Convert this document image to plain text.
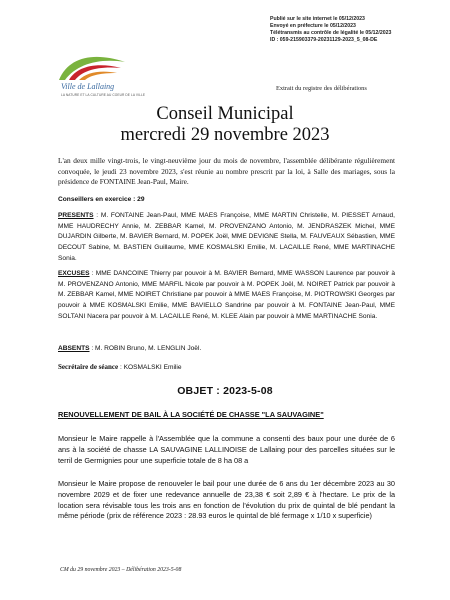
Publié sur le site internet le 05/12/2023
Envoyé en préfecture le 05/12/2023
Télétransmis au contrôle de légalité le 05/12/2023
ID : 059-215903379-20231129-2023_5_08-DE
Ville de Lallaing
LA NATURE ET LA CULTURE AU COEUR DE LA VILLE
Extrait du registre des délibérations
Conseil Municipal
mercredi 29 novembre 2023
L'an deux mille vingt-trois, le vingt-neuvième jour du mois de novembre, l'assemblée délibérante régulièrement convoquée, le jeudi 23 novembre 2023, s'est réunie au nombre prescrit par la loi, à Salle des mariages, sous la présidence de FONTAINE Jean-Paul, Maire.
Conseillers en exercice : 29
PRESENTS : M. FONTAINE Jean-Paul, MME MAES Françoise, MME MARTIN Christelle, M. PIESSET Arnaud, MME HAUDRECHY Annie, M. ZEBBAR Kamel, M. PROVENZANO Antonio, M. JENDRASZEK Michel, MME DUJARDIN Gilberte, M. BAVIER Bernard, M. POPEK Joël, MME DEVIGNE Stella, M. FAUVEAUX Sébastien, MME DECOUT Sabine, M. BASTIEN Guillaume, MME KOSMALSKI Emilie, M. LACAILLE René, MME MARTINACHE Sonia.
EXCUSES : MME DANCOINE Thierry par pouvoir à M. BAVIER Bernard, MME WASSON Laurence par pouvoir à M. PROVENZANO Antonio, MME MARFIL Nicole par pouvoir à M. POPEK Joël, M. NOIRET Patrick par pouvoir à M. ZEBBAR Kamel, MME NOIRET Christiane par pouvoir à MME MAES Françoise, M. PIOTROWSKI Georges par pouvoir à MME KOSMALSKI Emilie, MME BAVIELLO Sandrine par pouvoir à M. FONTAINE Jean-Paul, MME SOLTANI Nacera par pouvoir à M. LACAILLE René, M. KLEE Alain par pouvoir à MME MARTINACHE Sonia.
ABSENTS : M. ROBIN Bruno, M. LENGLIN Joël.
Secrétaire de séance : KOSMALSKI Emilie
OBJET : 2023-5-08
RENOUVELLEMENT DE BAIL À LA SOCIÉTÉ DE CHASSE "LA SAUVAGINE"
Monsieur le Maire rappelle à l'Assemblée que la commune a consenti des baux pour une durée de 6 ans à la société de chasse LA SAUVAGINE LALLINOISE de Lallaing pour des parcelles situées sur le terril de Germignies pour une superficie totale de 8 ha 08 a
Monsieur le Maire propose de renouveler le bail pour une durée de 6 ans du 1er décembre 2023 au 30 novembre 2029 et de fixer une redevance annuelle de 23,38 € soit 2,89 € à l'hectare. Le prix de la location sera révisable tous les trois ans en fonction de l'évolution du prix de quintal de blé pendant la même période (prix de référence 2023 : 28.93 euros le quintal de blé fermage x 1/10 x superficie)
CM du 29 novembre 2023 – Délibération 2023-5-08
